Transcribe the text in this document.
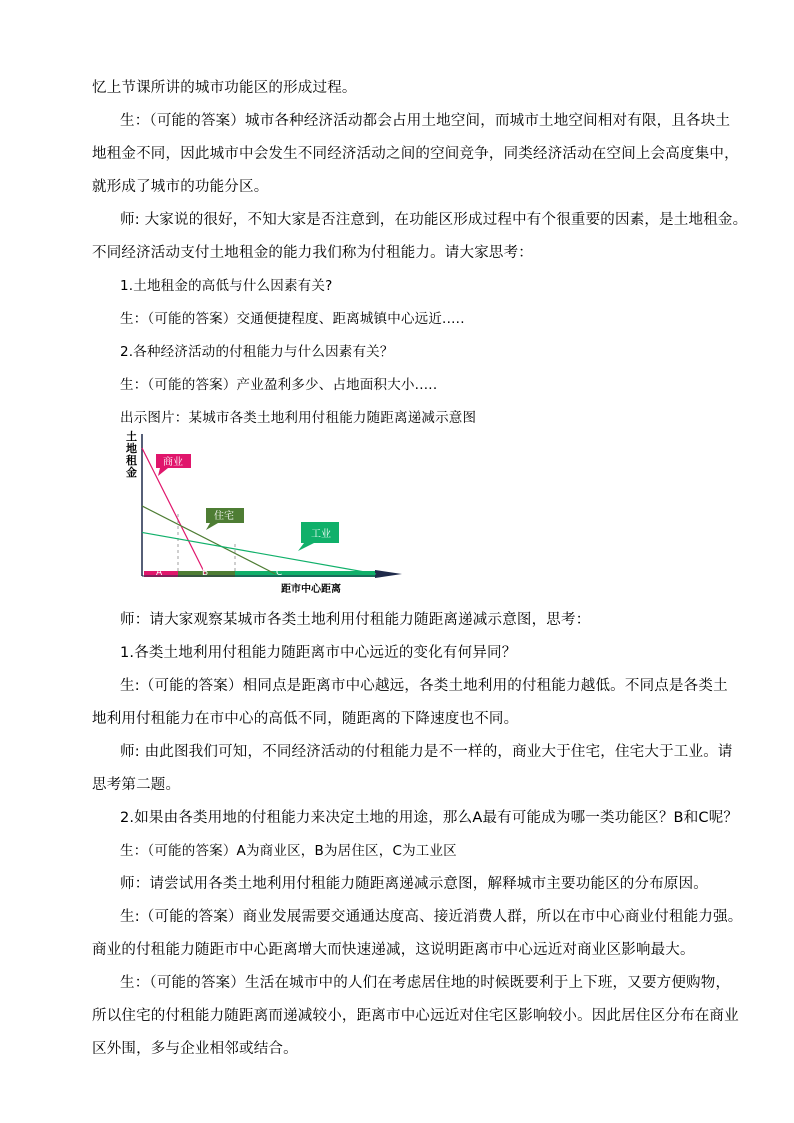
忆上节课所讲的城市功能区的形成过程。
生：（可能的答案）城市各种经济活动都会占用土地空间，而城市土地空间相对有限，且各块土
地租金不同，因此城市中会发生不同经济活动之间的空间竞争，同类经济活动在空间上会高度集中，
就形成了城市的功能分区。
师: 大家说的很好，不知大家是否注意到，在功能区形成过程中有个很重要的因素，是土地租金。
不同经济活动支付土地租金的能力我们称为付租能力。请大家思考：
1.土地租金的高低与什么因素有关?
生：（可能的答案）交通便捷程度、距离城镇中心远近.….
2.各种经济活动的付租能力与什么因素有关？
生：（可能的答案）产业盈利多少、占地面积大小.….
出示图片：某城市各类土地利用付租能力随距离递减示意图
土地租金
A	B	C
商业
住宅
工业
距市中心距离
师：请大家观察某城市各类土地利用付租能力随距离递减示意图，思考：
1.各类土地利用付租能力随距离市中心远近的变化有何异同？
生:（可能的答案）相同点是距离市中心越远，各类土地利用的付租能力越低。不同点是各类土
地利用付租能力在市中心的高低不同，随距离的下降速度也不同。
师: 由此图我们可知，不同经济活动的付租能力是不一样的，商业大于住宅，住宅大于工业。请
思考第二题。
2.如果由各类用地的付租能力来决定土地的用途，那么A最有可能成为哪一类功能区？B和C呢？
生：（可能的答案）A为商业区，B为居住区，C为工业区
师：请尝试用各类土地利用付租能力随距离递减示意图，解释城市主要功能区的分布原因。
生:（可能的答案）商业发展需要交通通达度高、接近消费人群，所以在市中心商业付租能力强。
商业的付租能力随距市中心距离增大而快速递减，这说明距离市中心远近对商业区影响最大。
生：（可能的答案）生活在城市中的人们在考虑居住地的时候既要利于上下班，又要方便购物，
所以住宅的付租能力随距离而递减较小，距离市中心远近对住宅区影响较小。因此居住区分布在商业
区外围，多与企业相邻或结合。
